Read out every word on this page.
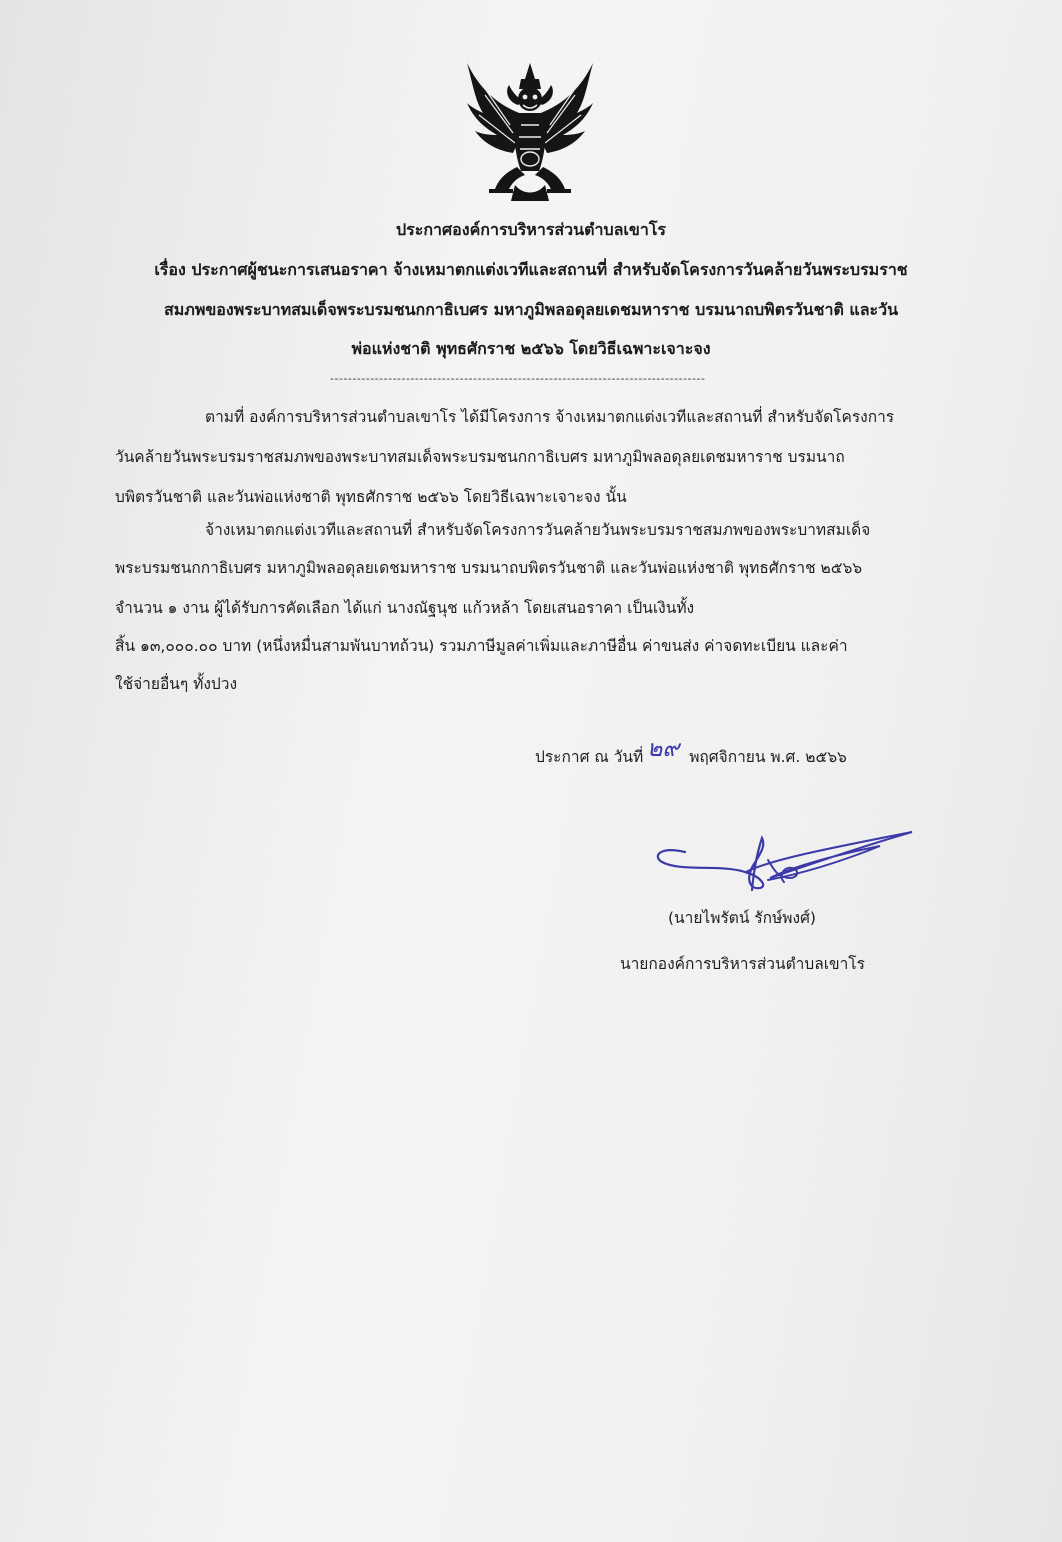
ประกาศองค์การบริหารส่วนตำบลเขาโร
เรื่อง ประกาศผู้ชนะการเสนอราคา จ้างเหมาตกแต่งเวทีและสถานที่ สำหรับจัดโครงการวันคล้ายวันพระบรมราช
สมภพของพระบาทสมเด็จพระบรมชนกกาธิเบศร มหาภูมิพลอดุลยเดชมหาราช บรมนาถบพิตรวันชาติ และวัน
พ่อแห่งชาติ พุทธศักราช ๒๕๖๖ โดยวิธีเฉพาะเจาะจง
------------------------------------------------------------------------------------
ตามที่ องค์การบริหารส่วนตำบลเขาโร ได้มีโครงการ จ้างเหมาตกแต่งเวทีและสถานที่ สำหรับจัดโครงการ
วันคล้ายวันพระบรมราชสมภพของพระบาทสมเด็จพระบรมชนกกาธิเบศร มหาภูมิพลอดุลยเดชมหาราช บรมนาถ
บพิตรวันชาติ และวันพ่อแห่งชาติ พุทธศักราช ๒๕๖๖ โดยวิธีเฉพาะเจาะจง นั้น
จ้างเหมาตกแต่งเวทีและสถานที่ สำหรับจัดโครงการวันคล้ายวันพระบรมราชสมภพของพระบาทสมเด็จ
พระบรมชนกกาธิเบศร มหาภูมิพลอดุลยเดชมหาราช บรมนาถบพิตรวันชาติ และวันพ่อแห่งชาติ พุทธศักราช ๒๕๖๖
จำนวน ๑ งาน ผู้ได้รับการคัดเลือก ได้แก่ นางณัฐนุช แก้วหล้า โดยเสนอราคา เป็นเงินทั้ง
สิ้น ๑๓,๐๐๐.๐๐ บาท (หนึ่งหมื่นสามพันบาทถ้วน) รวมภาษีมูลค่าเพิ่มและภาษีอื่น ค่าขนส่ง ค่าจดทะเบียน และค่า
ใช้จ่ายอื่นๆ ทั้งปวง
ประกาศ ณ วันที่ ๒๙ พฤศจิกายน พ.ศ. ๒๕๖๖
(นายไพรัตน์ รักษ์พงศ์)
นายกองค์การบริหารส่วนตำบลเขาโร
